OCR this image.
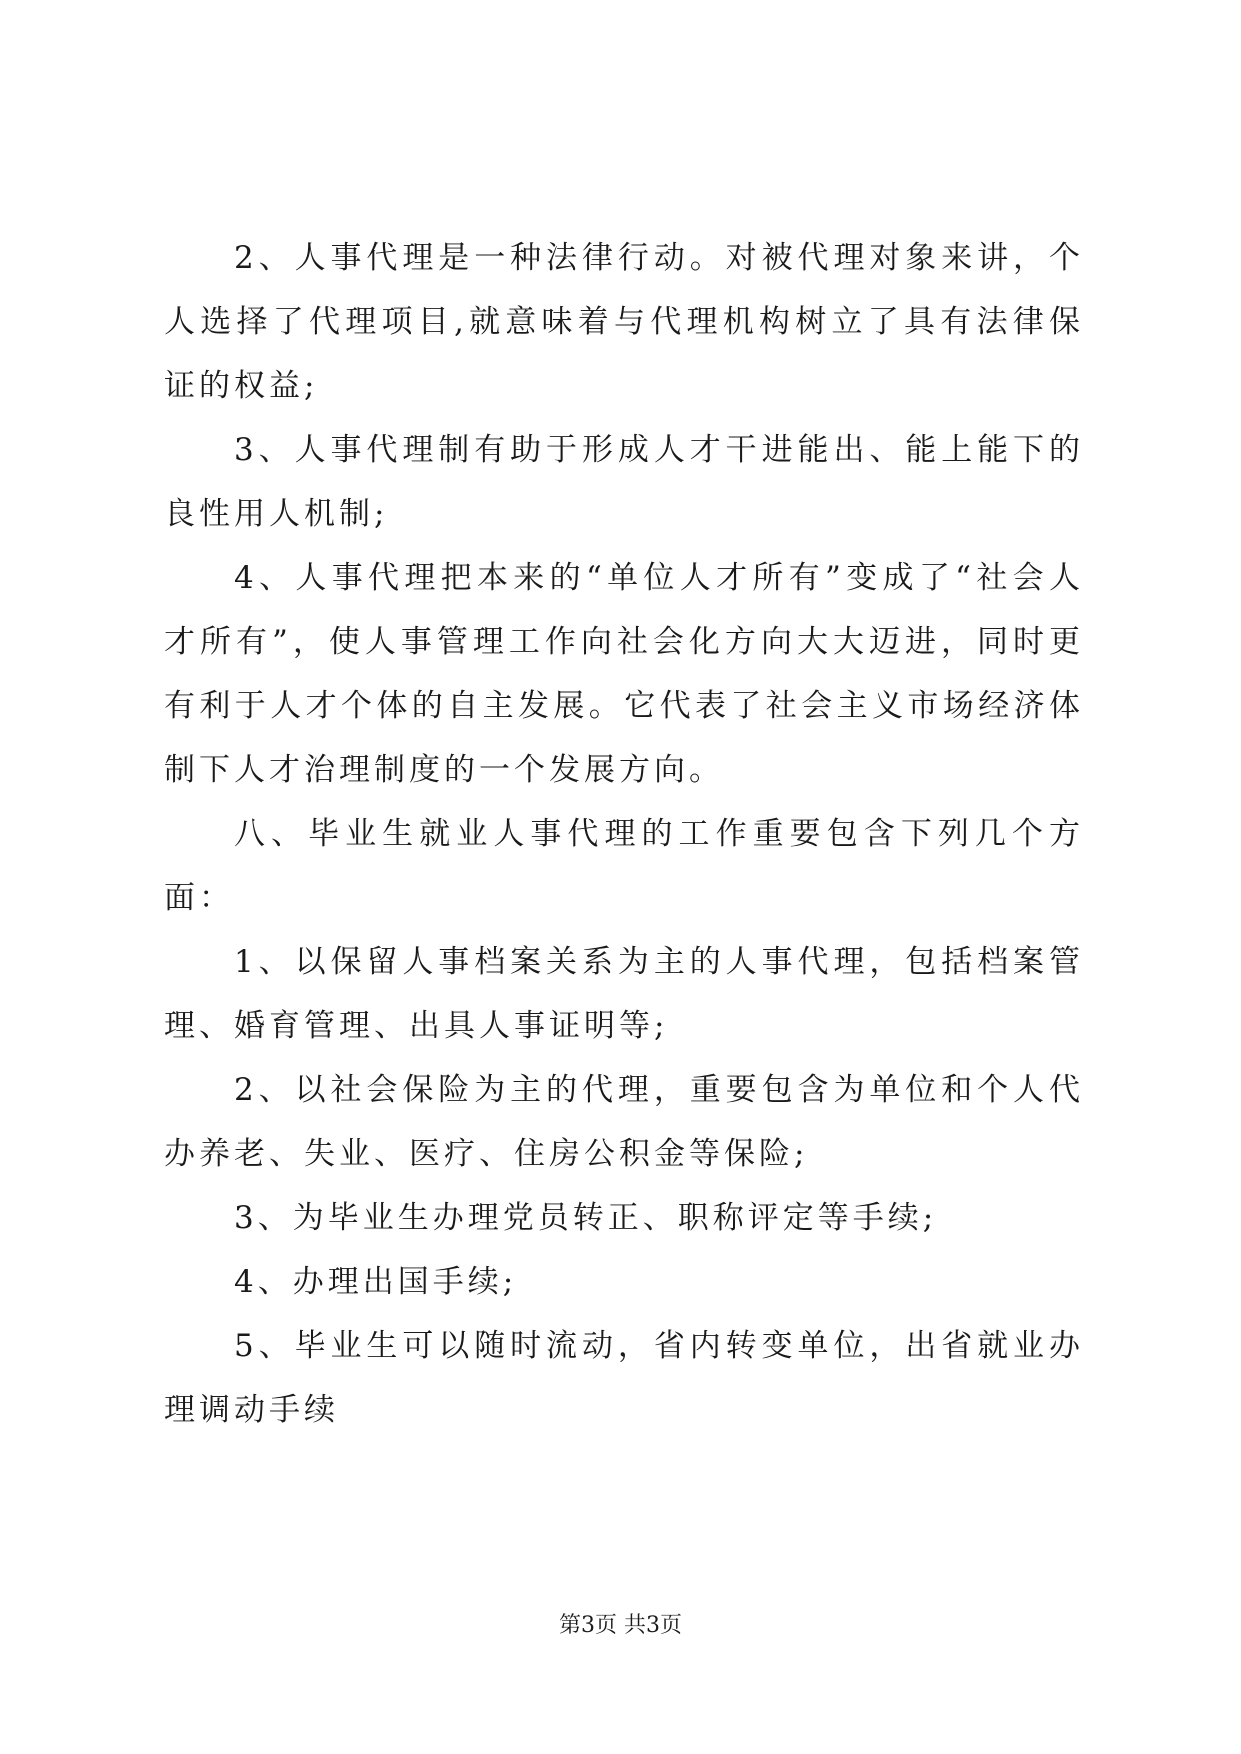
2、人事代理是一种法律行动。对被代理对象来讲，个人选择了代理项目,就意味着与代理机构树立了具有法律保证的权益;

3、人事代理制有助于形成人才干进能出、能上能下的良性用人机制;

4、人事代理把本来的“单位人才所有”变成了“社会人才所有”，使人事管理工作向社会化方向大大迈进，同时更有利于人才个体的自主发展。它代表了社会主义市场经济体制下人才治理制度的一个发展方向。

八、毕业生就业人事代理的工作重要包含下列几个方面：

1、以保留人事档案关系为主的人事代理，包括档案管理、婚育管理、出具人事证明等;

2、以社会保险为主的代理，重要包含为单位和个人代办养老、失业、医疗、住房公积金等保险;

3、为毕业生办理党员转正、职称评定等手续;

4、办理出国手续;

5、毕业生可以随时流动，省内转变单位，出省就业办理调动手续

第3页 共3页
